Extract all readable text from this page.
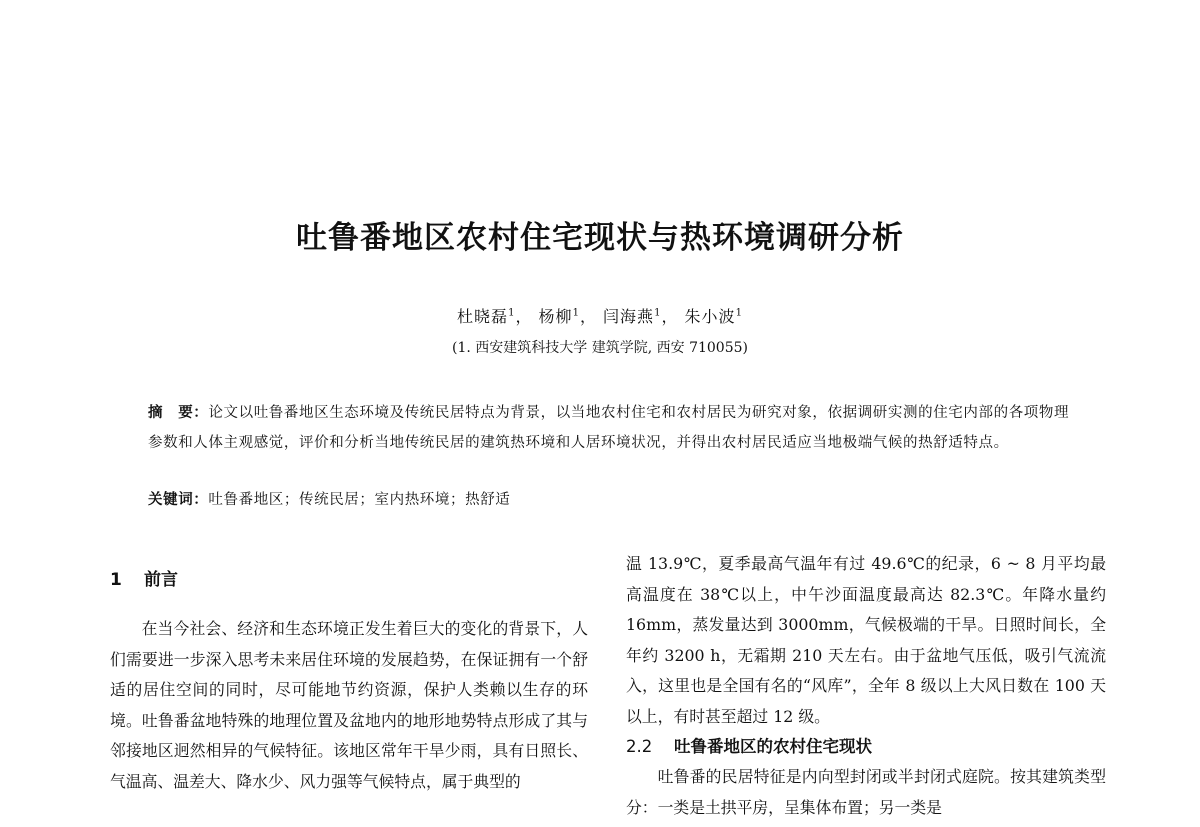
吐鲁番地区农村住宅现状与热环境调研分析
杜晓磊$^1$， 杨柳$^1$， 闫海燕$^1$， 朱小波$^1$
(1. 西安建筑科技大学 建筑学院, 西安 710055)
摘　要：论文以吐鲁番地区生态环境及传统民居特点为背景，以当地农村住宅和农村居民为研究对象，依据调研实测的住宅内部的各项物理参数和人体主观感觉，评价和分析当地传统民居的建筑热环境和人居环境状况，并得出农村居民适应当地极端气候的热舒适特点。
关键词：吐鲁番地区；传统民居；室内热环境；热舒适
1 前言

在当今社会、经济和生态环境正发生着巨大的变化的背景下，人们需要进一步深入思考未来居住环境的发展趋势，在保证拥有一个舒适的居住空间的同时，尽可能地节约资源，保护人类赖以生存的环境。吐鲁番盆地特殊的地理位置及盆地内的地形地势特点形成了其与邻接地区迥然相异的气候特征。该地区常年干旱少雨，具有日照长、气温高、温差大、降水少、风力强等气候特点，属于典型的

温 13.9℃，夏季最高气温年有过 49.6℃的纪录，6 ~ 8 月平均最高温度在 38℃以上，中午沙面温度最高达 82.3℃。年降水量约 16mm，蒸发量达到 3000mm，气候极端的干旱。日照时间长，全年约 3200 h，无霜期 210 天左右。由于盆地气压低，吸引气流流入，这里也是全国有名的“风库”，全年 8 级以上大风日数在 100 天以上，有时甚至超过 12 级。

2.2 吐鲁番地区的农村住宅现状

吐鲁番的民居特征是内向型封闭或半封闭式庭院。按其建筑类型分：一类是土拱平房，呈集体布置；另一类是
